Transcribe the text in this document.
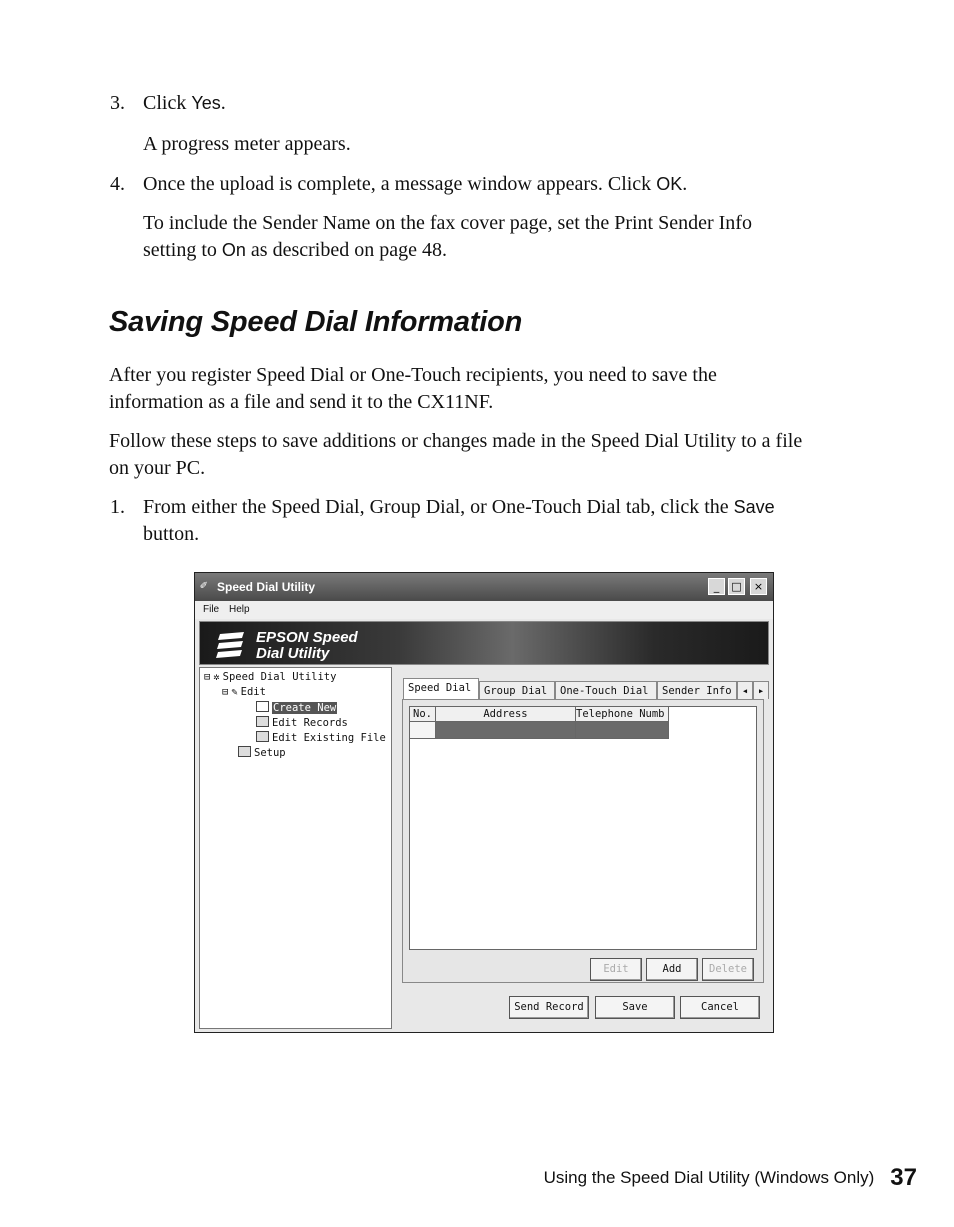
3. Click Yes.
A progress meter appears.
4. Once the upload is complete, a message window appears. Click OK.
To include the Sender Name on the fax cover page, set the Print Sender Info
setting to On as described on page 48.
Saving Speed Dial Information
After you register Speed Dial or One-Touch recipients, you need to save the
information as a file and send it to the CX11NF.
Follow these steps to save additions or changes made in the Speed Dial Utility to a file
on your PC.
1. From either the Speed Dial, Group Dial, or One-Touch Dial tab, click the Save
button.
✐ Speed Dial Utility	_	□	×
File Help
EPSON Speed
Dial Utility
⊟ ✲ Speed Dial Utility
⊟ ✎ Edit
Create New
Edit Records
Edit Existing File
Setup
Speed Dial	Group Dial	One-Touch Dial	Sender Info ◂ ▸
No.	Address	Telephone Numb
Edit	Add	Delete
Send Record	Save	Cancel
Using the Speed Dial Utility (Windows Only) 37
